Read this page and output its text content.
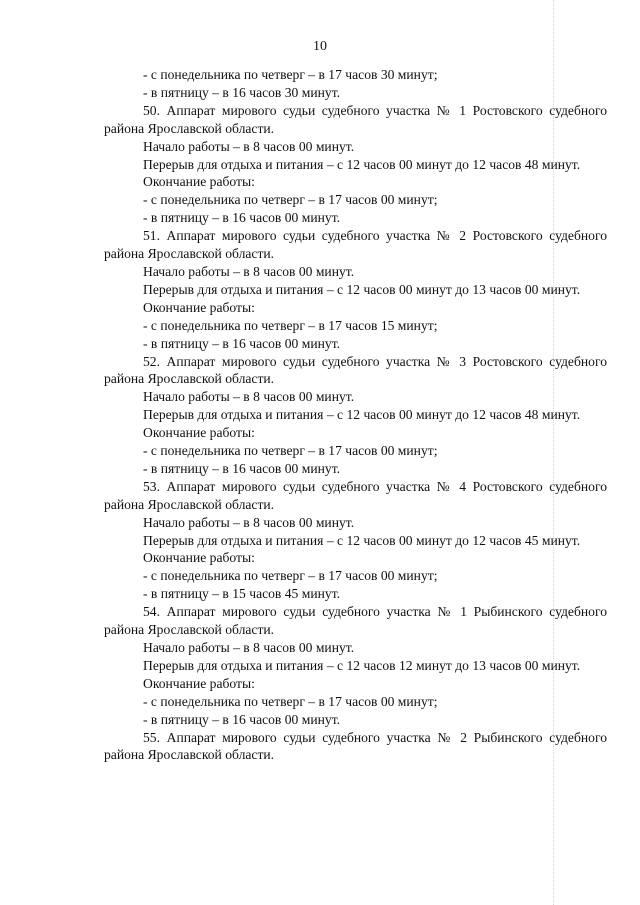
10

- с понедельника по четверг – в 17 часов 30 минут;

- в пятницу – в 16 часов 30 минут.

50. Аппарат мирового судьи судебного участка № 1 Ростовского судебного района Ярославской области.

Начало работы – в 8 часов 00 минут.

Перерыв для отдыха и питания – с 12 часов 00 минут до 12 часов 48 минут.

Окончание работы:

- с понедельника по четверг – в 17 часов 00 минут;

- в пятницу – в 16 часов 00 минут.

51. Аппарат мирового судьи судебного участка № 2 Ростовского судебного района Ярославской области.

Начало работы – в 8 часов 00 минут.

Перерыв для отдыха и питания – с 12 часов 00 минут до 13 часов 00 минут.

Окончание работы:

- с понедельника по четверг – в 17 часов 15 минут;

- в пятницу – в 16 часов 00 минут.

52. Аппарат мирового судьи судебного участка № 3 Ростовского судебного района Ярославской области.

Начало работы – в 8 часов 00 минут.

Перерыв для отдыха и питания – с 12 часов 00 минут до 12 часов 48 минут.

Окончание работы:

- с понедельника по четверг – в 17 часов 00 минут;

- в пятницу – в 16 часов 00 минут.

53. Аппарат мирового судьи судебного участка № 4 Ростовского судебного района Ярославской области.

Начало работы – в 8 часов 00 минут.

Перерыв для отдыха и питания – с 12 часов 00 минут до 12 часов 45 минут.

Окончание работы:

- с понедельника по четверг – в 17 часов 00 минут;

- в пятницу – в 15 часов 45 минут.

54. Аппарат мирового судьи судебного участка № 1 Рыбинского судебного района Ярославской области.

Начало работы – в 8 часов 00 минут.

Перерыв для отдыха и питания – с 12 часов 12 минут до 13 часов 00 минут.

Окончание работы:

- с понедельника по четверг – в 17 часов 00 минут;

- в пятницу – в 16 часов 00 минут.

55. Аппарат мирового судьи судебного участка № 2 Рыбинского судебного района Ярославской области.
